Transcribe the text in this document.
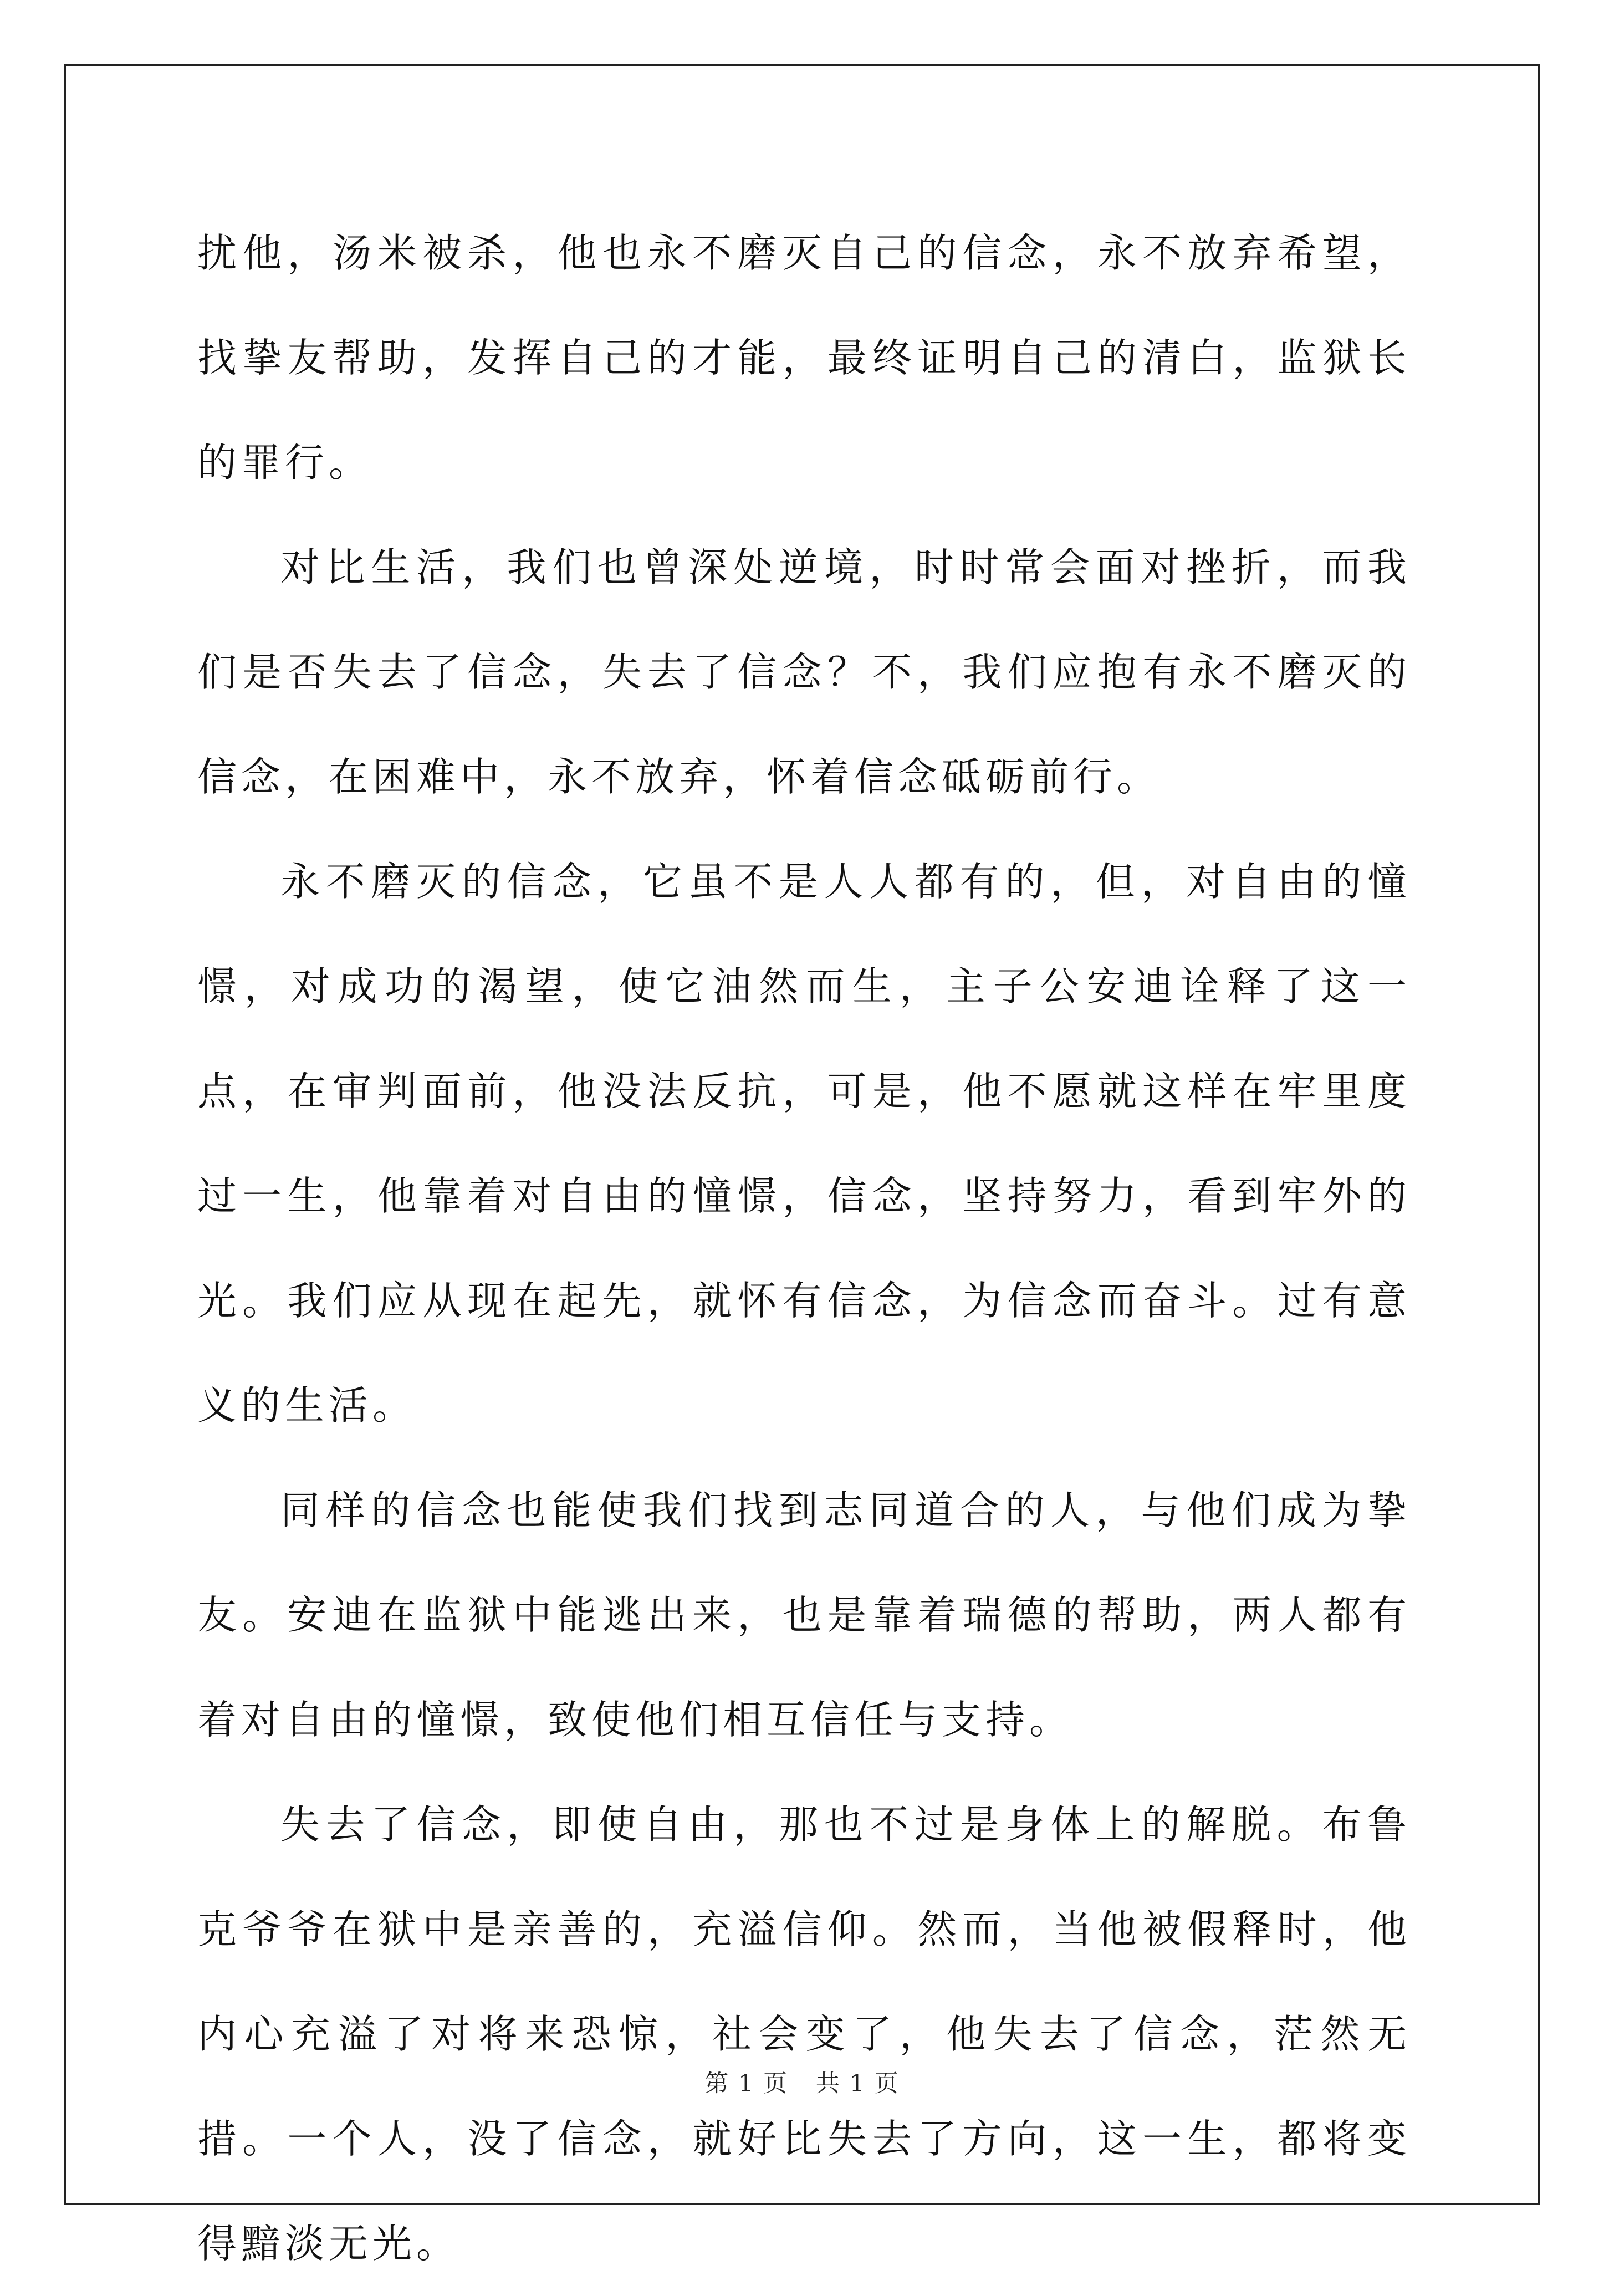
扰他，汤米被杀，他也永不磨灭自己的信念，永不放弃希望，找挚友帮助，发挥自己的才能，最终证明自己的清白，监狱长的罪行。

对比生活，我们也曾深处逆境，时时常会面对挫折，而我们是否失去了信念，失去了信念？不，我们应抱有永不磨灭的信念，在困难中，永不放弃，怀着信念砥砺前行。

永不磨灭的信念，它虽不是人人都有的，但，对自由的憧憬，对成功的渴望，使它油然而生，主子公安迪诠释了这一点，在审判面前，他没法反抗，可是，他不愿就这样在牢里度过一生，他靠着对自由的憧憬，信念，坚持努力，看到牢外的光。我们应从现在起先，就怀有信念，为信念而奋斗。过有意义的生活。

同样的信念也能使我们找到志同道合的人，与他们成为挚友。安迪在监狱中能逃出来，也是靠着瑞德的帮助，两人都有着对自由的憧憬，致使他们相互信任与支持。

失去了信念，即使自由，那也不过是身体上的解脱。布鲁克爷爷在狱中是亲善的，充溢信仰。然而，当他被假释时，他内心充溢了对将来恐惊，社会变了，他失去了信念，茫然无措。一个人，没了信念，就好比失去了方向，这一生，都将变得黯淡无光。

第 1 页 共 1 页
